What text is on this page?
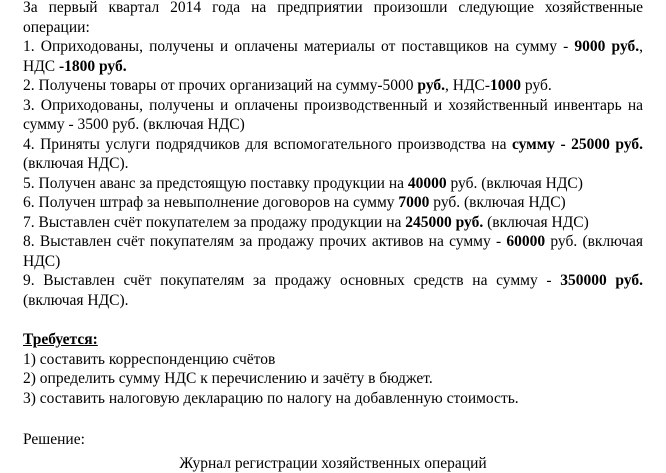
За первый квартал 2014 года на предприятии произошли следующие хозяйственные операции:

1. Оприходованы, получены и оплачены материалы от поставщиков на сумму - 9000 руб., НДС -1800 руб.

2. Получены товары от прочих организаций на сумму-5000 руб., НДС-1000 руб.

3. Оприходованы, получены и оплачены производственный и хозяйственный инвентарь на сумму - 3500 руб. (включая НДС)

4. Приняты услуги подрядчиков для вспомогательного производства на сумму - 25000 руб. (включая НДС).

5. Получен аванс за предстоящую поставку продукции на 40000 руб. (включая НДС)

6. Получен штраф за невыполнение договоров на сумму 7000 руб. (включая НДС)

7. Выставлен счёт покупателем за продажу продукции на 245000 руб. (включая НДС)

8. Выставлен счёт покупателям за продажу прочих активов на сумму - 60000 руб. (включая НДС)

9. Выставлен счёт покупателям за продажу основных средств на сумму - 350000 руб. (включая НДС).

Требуется:

1) составить корреспонденцию счётов

2) определить сумму НДС к перечислению и зачёту в бюджет.

3) составить налоговую декларацию по налогу на добавленную стоимость.

Решение:

Журнал регистрации хозяйственных операций
